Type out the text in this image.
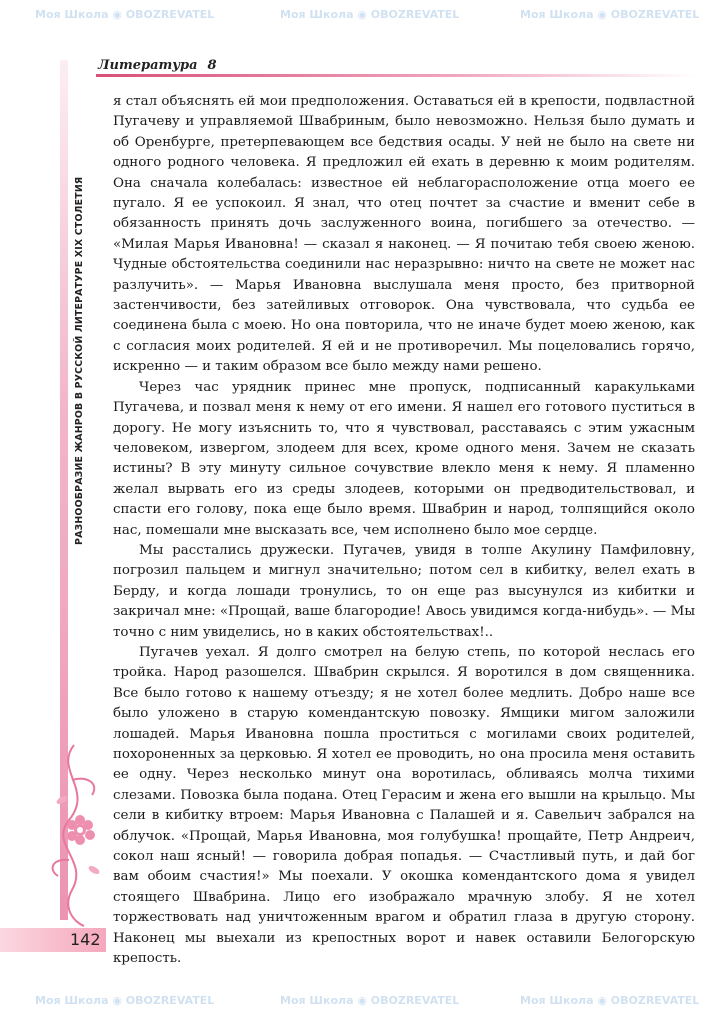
Моя Школа ◉ OBOZREVATEL	Моя Школа ◉ OBOZREVATEL	Моя Школа ◉ OBOZREVATEL
Моя Школа ◉ OBOZREVATEL	Моя Школа ◉ OBOZREVATEL	Моя Школа ◉ OBOZREVATEL
Литература 8
РАЗНООБРАЗИЕ ЖАНРОВ В РУССКОЙ ЛИТЕРАТУРЕ ХIХ СТОЛЕТИЯ

я стал объяснять ей мои предположения. Оставаться ей в крепости, подвластной Пугачеву и управляемой Швабриным, было невозможно. Нельзя было думать и об Оренбурге, претерпевающем все бедствия осады. У ней не было на свете ни одного родного человека. Я предложил ей ехать в деревню к моим родителям. Она сначала колебалась: известное ей неблагорасположение отца моего ее пугало. Я ее успокоил. Я знал, что отец почтет за счастие и вменит себе в обязанность принять дочь заслуженного воина, погибшего за отечество. — «Милая Марья Ивановна! — сказал я наконец. — Я почитаю тебя своею женою. Чудные обстоятельства соединили нас неразрывно: ничто на свете не может нас разлучить». — Марья Ивановна выслушала меня просто, без притворной застенчивости, без затейливых отговорок. Она чувствовала, что судьба ее соединена была с моею. Но она повторила, что не иначе будет моею женою, как с согласия моих родителей. Я ей и не противоречил. Мы поцеловались горячо, искренно — и таким образом все было между нами решено.

Через час урядник принес мне пропуск, подписанный каракульками Пугачева, и позвал меня к нему от его имени. Я нашел его готового пуститься в дорогу. Не могу изъяснить то, что я чувствовал, расставаясь с этим ужасным человеком, извергом, злодеем для всех, кроме одного меня. Зачем не сказать истины? В эту минуту сильное сочувствие влекло меня к нему. Я пламенно желал вырвать его из среды злодеев, которыми он предводительствовал, и спасти его голову, пока еще было время. Швабрин и народ, толпящийся около нас, помешали мне высказать все, чем исполнено было мое сердце.

Мы расстались дружески. Пугачев, увидя в толпе Акулину Памфиловну, погрозил пальцем и мигнул значительно; потом сел в кибитку, велел ехать в Берду, и когда лошади тронулись, то он еще раз высунулся из кибитки и закричал мне: «Прощай, ваше благородие! Авось увидимся когда-нибудь». — Мы точно с ним увиделись, но в каких обстоятельствах!..

Пугачев уехал. Я долго смотрел на белую степь, по которой неслась его тройка. Народ разошелся. Швабрин скрылся. Я воротился в дом священника. Все было готово к нашему отъезду; я не хотел более медлить. Добро наше все было уложено в старую комендантскую повозку. Ямщики мигом заложили лошадей. Марья Ивановна пошла проститься с могилами своих родителей, похороненных за церковью. Я хотел ее проводить, но она просила меня оставить ее одну. Через несколько минут она воротилась, обливаясь молча тихими слезами. Повозка была подана. Отец Герасим и жена его вышли на крыльцо. Мы сели в кибитку втроем: Марья Ивановна с Палашей и я. Савельич забрался на облучок. «Прощай, Марья Ивановна, моя голубушка! прощайте, Петр Андреич, сокол наш ясный! — говорила добрая попадья. — Счастливый путь, и дай бог вам обоим счастия!» Мы поехали. У окошка комендантского дома я увидел стоящего Швабрина. Лицо его изображало мрачную злобу. Я не хотел торжествовать над уничтоженным врагом и обратил глаза в другую сторону. Наконец мы выехали из крепостных ворот и навек оставили Белогорскую крепость.

142
